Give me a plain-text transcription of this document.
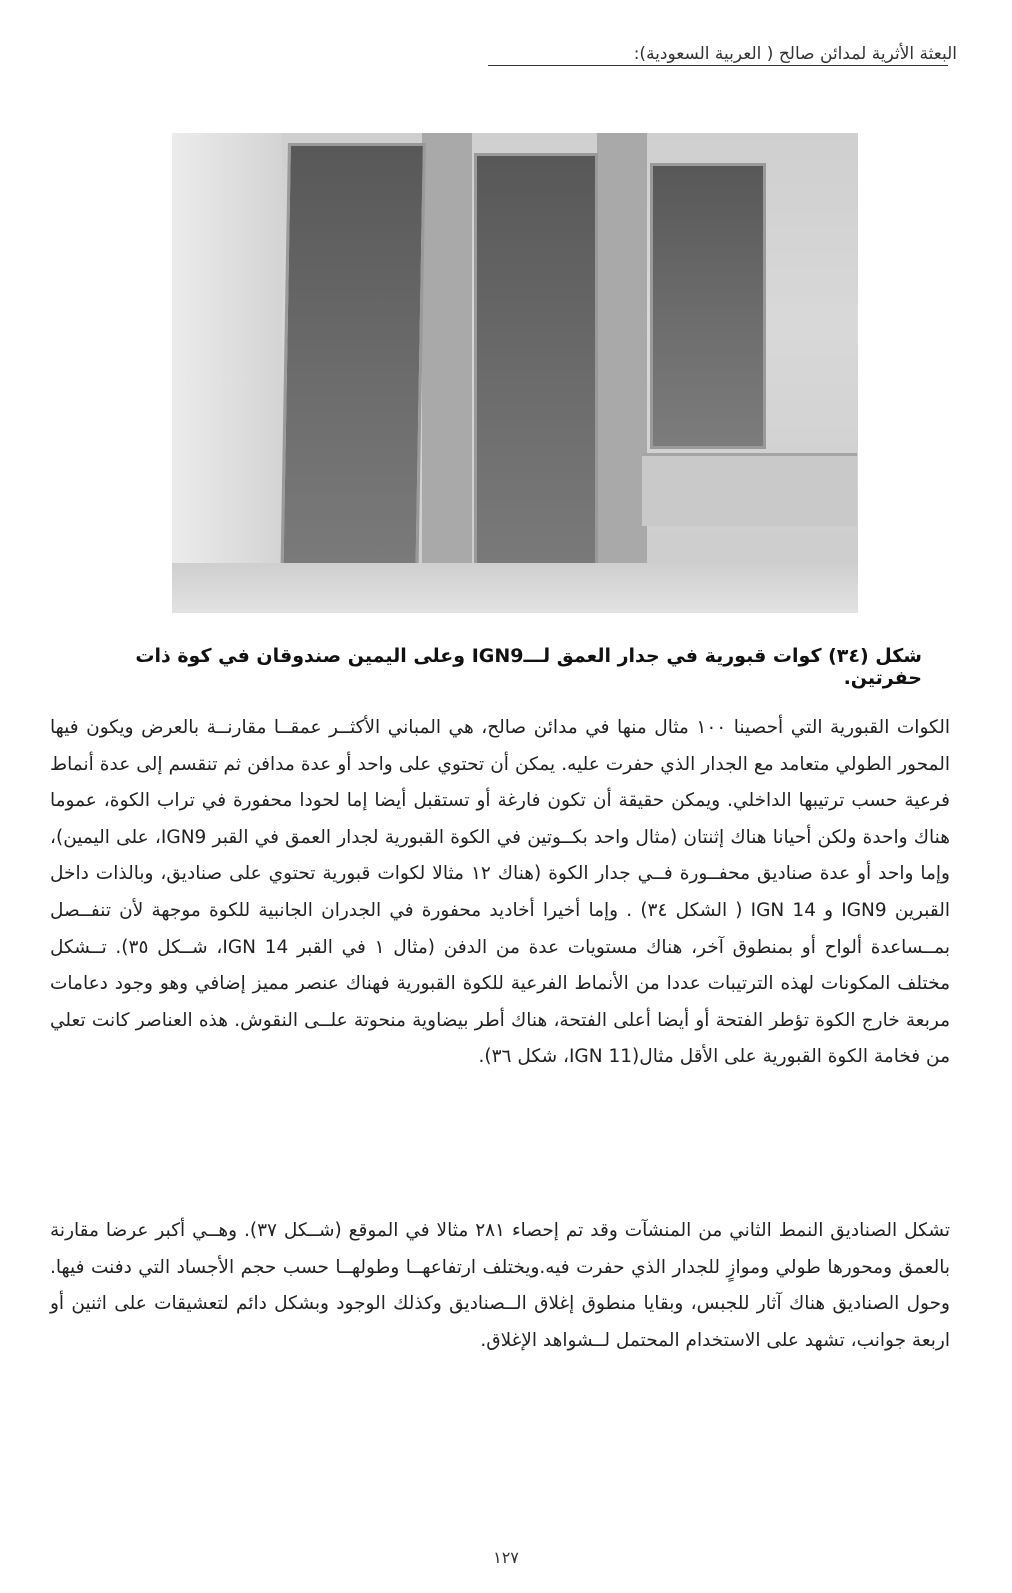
البعثة الأثرية لمدائن صالح ( العربية السعودية):
شكل (٣٤) كوات قبورية في جدار العمق لـــIGN9 وعلى اليمين صندوقان في كوة ذات حفرتين.
الكوات القبورية التي أحصينا ١٠٠ مثال منها في مدائن صالح، هي المباني الأكثــر عمقــا مقارنــة بالعرض ويكون فيها المحور الطولي متعامد مع الجدار الذي حفرت عليه. يمكن أن تحتوي على واحد أو عدة مدافن ثم تنقسم إلى عدة أنماط فرعية حسب ترتيبها الداخلي. ويمكن حقيقة أن تكون فارغة أو تستقبل أيضا إما لحودا محفورة في تراب الكوة، عموما هناك واحدة ولكن أحيانا هناك إثنتان (مثال واحد بكــوتين في الكوة القبورية لجدار العمق في القبر IGN9، على اليمين)، وإما واحد أو عدة صناديق محفــورة فــي جدار الكوة (هناك ١٢ مثالا لكوات قبورية تحتوي على صناديق، وبالذات داخل القبرين IGN9 و IGN 14 ( الشكل ٣٤) . وإما أخيرا أخاديد محفورة في الجدران الجانبية للكوة موجهة لأن تنفــصل بمــساعدة ألواح أو بمنطوق آخر، هناك مستويات عدة من الدفن (مثال ١ في القبر IGN 14، شــكل ٣٥). تــشكل مختلف المكونات لهذه الترتيبات عددا من الأنماط الفرعية للكوة القبورية فهناك عنصر مميز إضافي وهو وجود دعامات مربعة خارج الكوة تؤطر الفتحة أو أيضا أعلى الفتحة، هناك أطر بيضاوية منحوتة علــى النقوش. هذه العناصر كانت تعلي من فخامة الكوة القبورية على الأقل مثال(IGN 11، شكل ٣٦).
تشكل الصناديق النمط الثاني من المنشآت وقد تم إحصاء ٢٨١ مثالا في الموقع (شــكل ٣٧). وهــي أكبر عرضا مقارنة بالعمق ومحورها طولي وموازٍ للجدار الذي حفرت فيه.ويختلف ارتفاعهــا وطولهــا حسب حجم الأجساد التي دفنت فيها. وحول الصناديق هناك آثار للجبس، وبقايا منطوق إغلاق الــصناديق وكذلك الوجود وبشكل دائم لتعشيقات على اثنين أو اربعة جوانب، تشهد على الاستخدام المحتمل لــشواهد الإغلاق.
١٢٧
